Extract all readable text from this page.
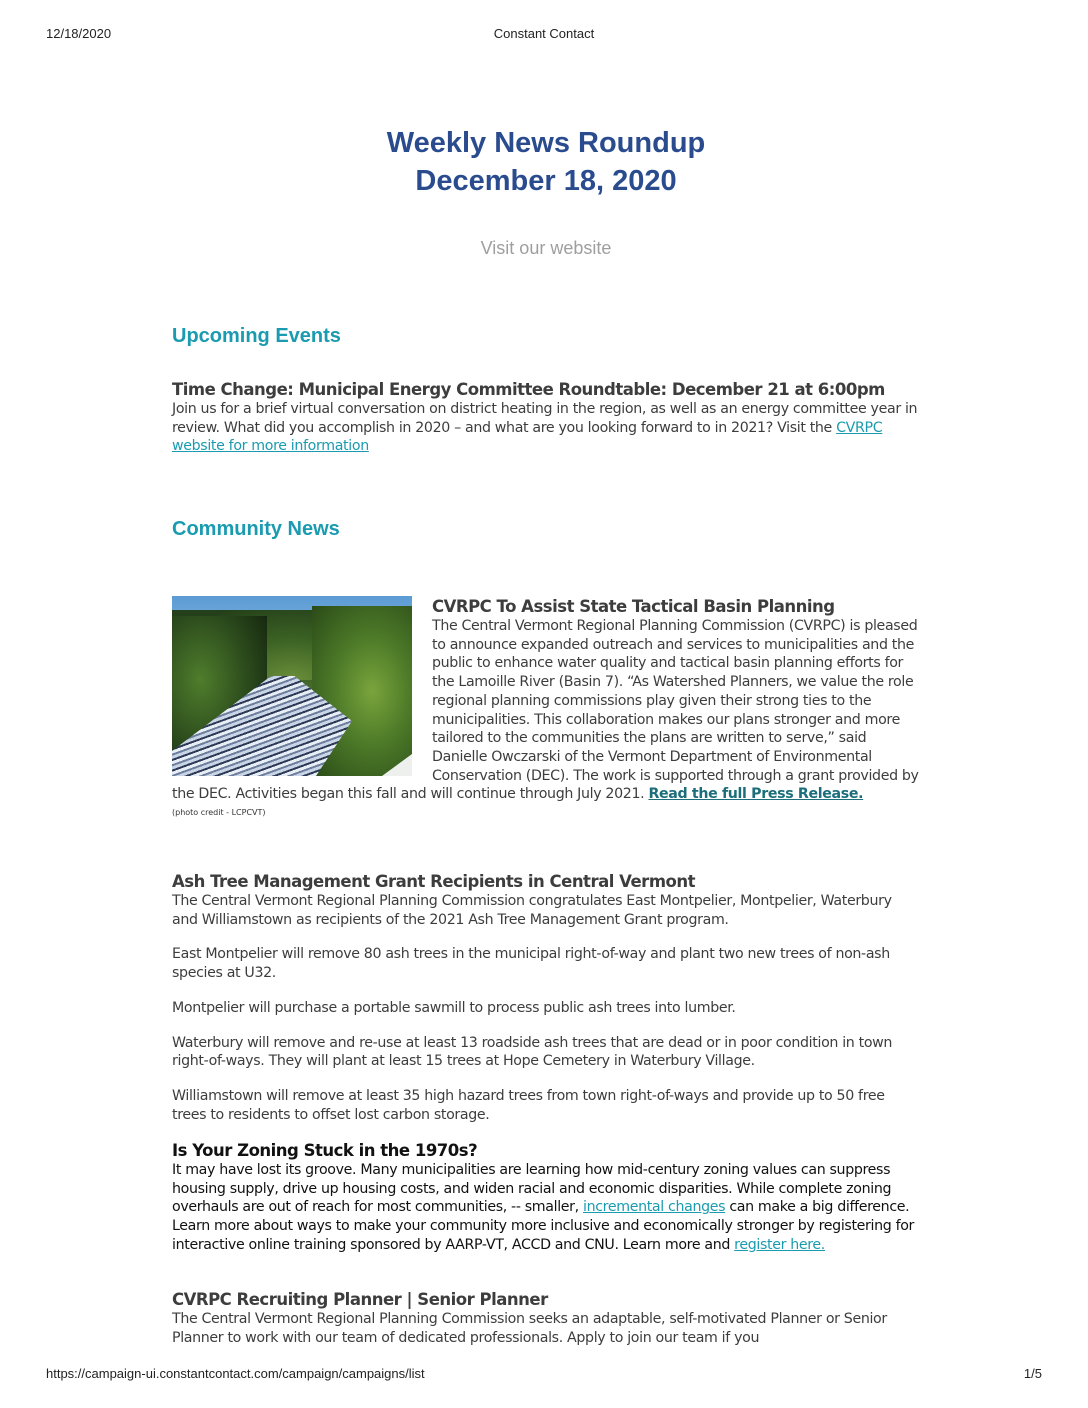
Constant Contact
12/18/2020
Weekly News Roundup
December 18, 2020
Visit our website
Upcoming Events
Time Change: Municipal Energy Committee Roundtable: December 21 at 6:00pm
Join us for a brief virtual conversation on district heating in the region, as well as an energy committee year in review. What did you accomplish in 2020 – and what are you looking forward to in 2021? Visit the CVRPC website for more information
Community News
CVRPC To Assist State Tactical Basin Planning
The Central Vermont Regional Planning Commission (CVRPC) is pleased to announce expanded outreach and services to municipalities and the public to enhance water quality and tactical basin planning efforts for the Lamoille River (Basin 7). “As Watershed Planners, we value the role regional planning commissions play given their strong ties to the municipalities. This collaboration makes our plans stronger and more tailored to the communities the plans are written to serve,” said Danielle Owczarski of the Vermont Department of Environmental Conservation (DEC). The work is supported through a grant provided by the DEC. Activities began this fall and will continue through July 2021. Read the full Press Release.
(photo credit - LCPCVT)
Ash Tree Management Grant Recipients in Central Vermont
The Central Vermont Regional Planning Commission congratulates East Montpelier, Montpelier, Waterbury and Williamstown as recipients of the 2021 Ash Tree Management Grant program.
East Montpelier will remove 80 ash trees in the municipal right-of-way and plant two new trees of non-ash species at U32.
Montpelier will purchase a portable sawmill to process public ash trees into lumber.
Waterbury will remove and re-use at least 13 roadside ash trees that are dead or in poor condition in town right-of-ways. They will plant at least 15 trees at Hope Cemetery in Waterbury Village.
Williamstown will remove at least 35 high hazard trees from town right-of-ways and provide up to 50 free trees to residents to offset lost carbon storage.
Is Your Zoning Stuck in the 1970s?
It may have lost its groove. Many municipalities are learning how mid-century zoning values can suppress housing supply, drive up housing costs, and widen racial and economic disparities. While complete zoning overhauls are out of reach for most communities, -- smaller, incremental changes can make a big difference. Learn more about ways to make your community more inclusive and economically stronger by registering for interactive online training sponsored by AARP-VT, ACCD and CNU. Learn more and register here.
CVRPC Recruiting Planner | Senior Planner
The Central Vermont Regional Planning Commission seeks an adaptable, self-motivated Planner or Senior Planner to work with our team of dedicated professionals. Apply to join our team if you
https://campaign-ui.constantcontact.com/campaign/campaigns/list	1/5
